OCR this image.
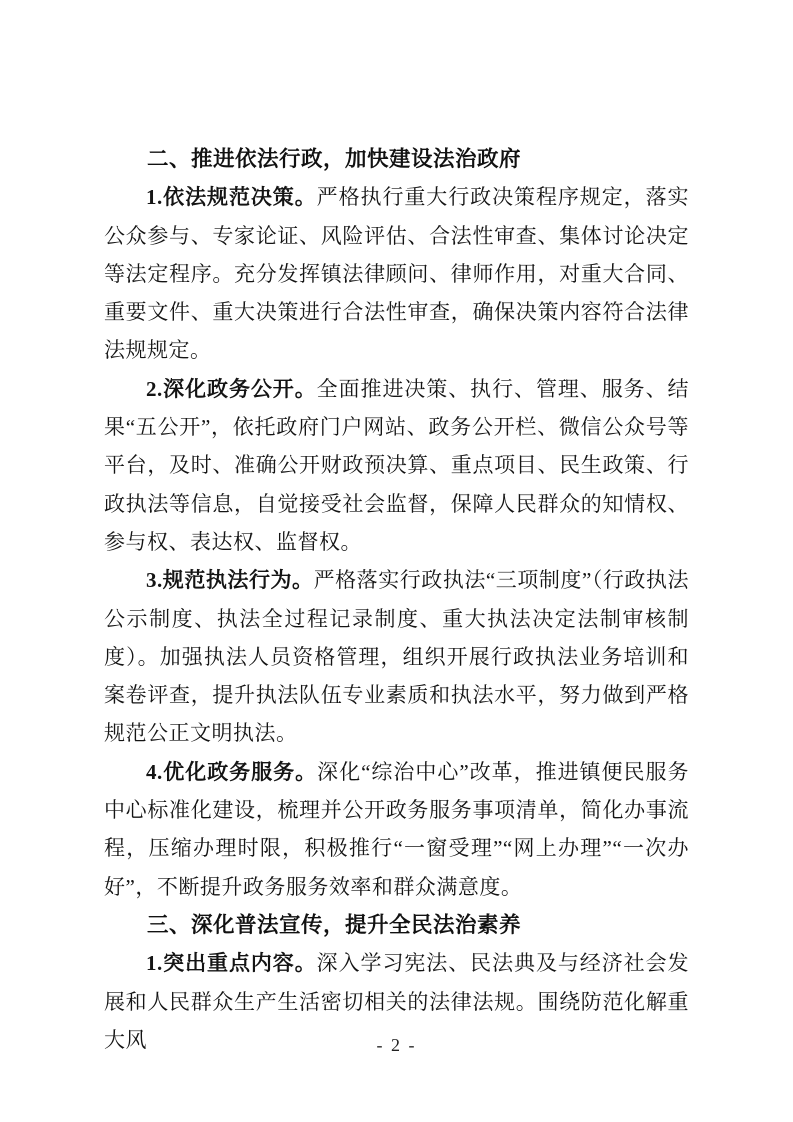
二、推进依法行政，加快建设法治政府

1.依法规范决策。严格执行重大行政决策程序规定，落实公众参与、专家论证、风险评估、合法性审查、集体讨论决定等法定程序。充分发挥镇法律顾问、律师作用，对重大合同、重要文件、重大决策进行合法性审查，确保决策内容符合法律法规规定。

2.深化政务公开。全面推进决策、执行、管理、服务、结果“五公开”，依托政府门户网站、政务公开栏、微信公众号等平台，及时、准确公开财政预决算、重点项目、民生政策、行政执法等信息，自觉接受社会监督，保障人民群众的知情权、参与权、表达权、监督权。

3.规范执法行为。严格落实行政执法“三项制度”（行政执法公示制度、执法全过程记录制度、重大执法决定法制审核制度）。加强执法人员资格管理，组织开展行政执法业务培训和案卷评查，提升执法队伍专业素质和执法水平，努力做到严格规范公正文明执法。

4.优化政务服务。深化“综治中心”改革，推进镇便民服务中心标准化建设，梳理并公开政务服务事项清单，简化办事流程，压缩办理时限，积极推行“一窗受理”“网上办理”“一次办好”，不断提升政务服务效率和群众满意度。

三、深化普法宣传，提升全民法治素养

1.突出重点内容。深入学习宪法、民法典及与经济社会发展和人民群众生产生活密切相关的法律法规。围绕防范化解重大风	- 2 -
